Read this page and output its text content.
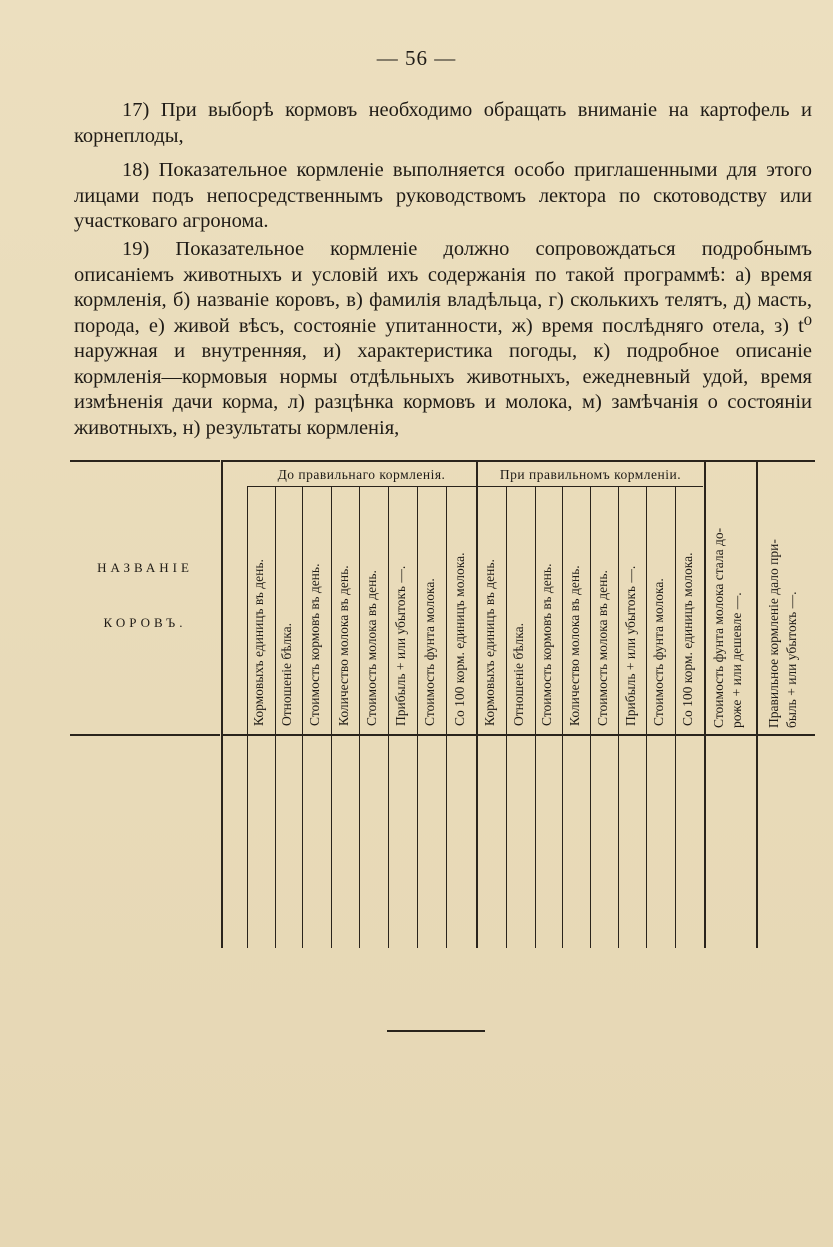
— 56 —
17) При выборѣ кормовъ необходимо обращать вниманіе на картофель и корнеплоды,
18) Показательное кормленіе выполняется особо приглашенными для этого лицами подъ непосредственнымъ руководствомъ лектора по скотоводству или участковаго агронома.
19) Показательное кормленіе должно сопровождаться подробнымъ описаніемъ животныхъ и условій ихъ содержанія по такой программѣ: а) время кормленія, б) названіе коровъ, в) фамилія владѣльца, г) сколькихъ телятъ, д) масть, порода, е) живой вѣсъ, состояніе упитанности, ж) время послѣдняго отела, з) t⁰ наружная и внутренняя, и) характеристика погоды, к) подробное описаніе кормленія—кормовыя нормы отдѣльныхъ животныхъ, ежедневный удой, время измѣненія дачи корма, л) разцѣнка кормовъ и молока, м) замѣчанія о состояніи животныхъ, н) результаты кормленія,
НАЗВАНІЕ
КОРОВЪ.
До правильнаго кормленія.	При правильномъ кормленіи.
Кормовыхъ единицъ въ день. Отношеніе бѣлка. Стоимость кормовъ въ день. Количество молока въ день. Стоимость молока въ день. Прибыль + или убытокъ —. Стоимость фунта молока. Со 100 корм. единицъ молока. Кормовыхъ единицъ въ день. Отношеніе бѣлка. Стоимость кормовъ въ день. Количество молока въ день. Стоимость молока въ день. Прибыль + или убытокъ —. Стоимость фунта молока. Со 100 корм. единицъ молока. Стоимость фунта молока стала до- роже + или дешевле —. Правильное кормленіе дало при- быль + или убытокъ —.
